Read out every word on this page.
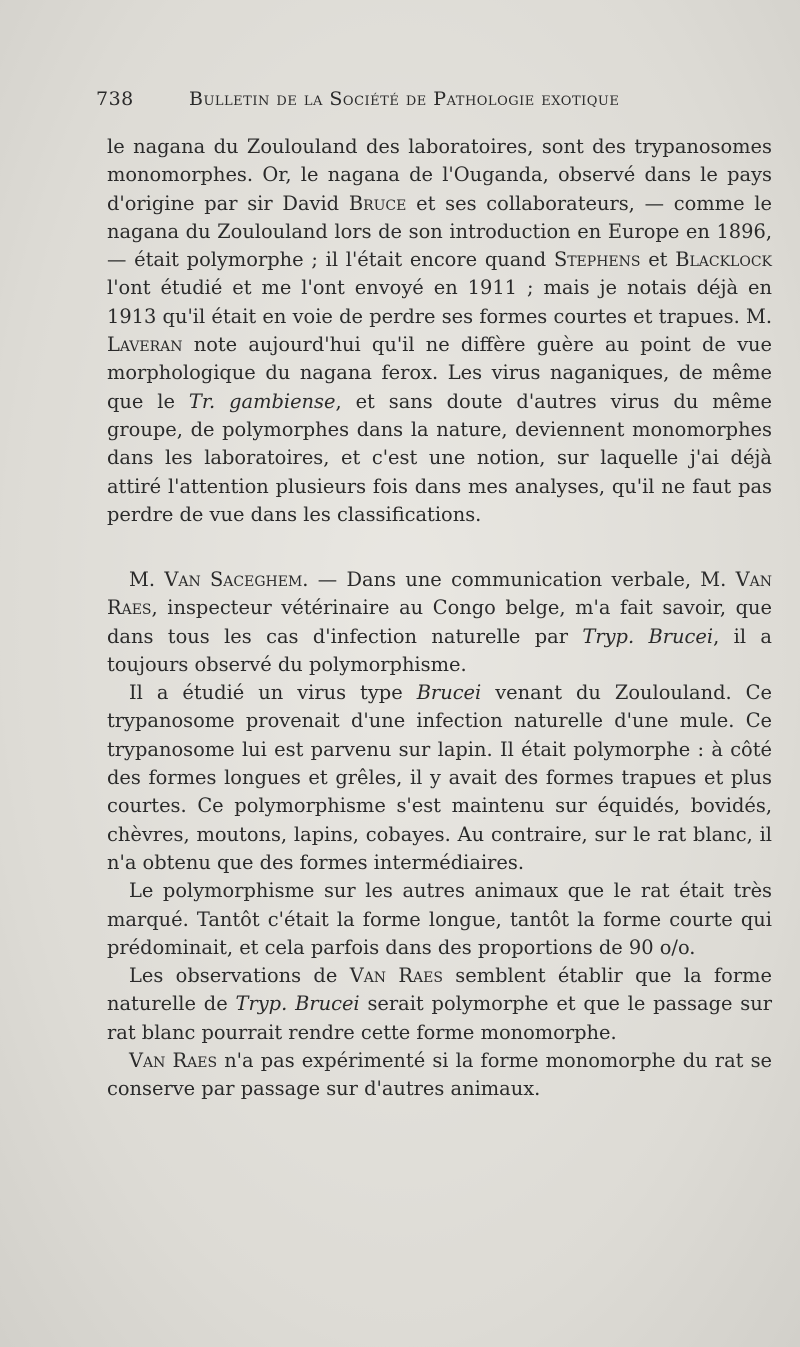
738	Bulletin de la Société de Pathologie exotique

le nagana du Zoulouland des laboratoires, sont des trypanosomes monomorphes. Or, le nagana de l'Ouganda, observé dans le pays d'origine par sir David Bruce et ses collaborateurs, — comme le nagana du Zoulouland lors de son introduction en Europe en 1896, — était polymorphe ; il l'était encore quand Stephens et Blacklock l'ont étudié et me l'ont envoyé en 1911 ; mais je notais déjà en 1913 qu'il était en voie de perdre ses formes courtes et trapues. M. Laveran note aujourd'hui qu'il ne diffère guère au point de vue morphologique du nagana ferox. Les virus naganiques, de même que le Tr. gambiense, et sans doute d'autres virus du même groupe, de polymorphes dans la nature, deviennent monomorphes dans les laboratoires, et c'est une notion, sur laquelle j'ai déjà attiré l'attention plusieurs fois dans mes analyses, qu'il ne faut pas perdre de vue dans les classifications.

M. Van Saceghem. — Dans une communication verbale, M. Van Raes, inspecteur vétérinaire au Congo belge, m'a fait savoir, que dans tous les cas d'infection naturelle par Tryp. Brucei, il a toujours observé du polymorphisme.

Il a étudié un virus type Brucei venant du Zoulouland. Ce trypanosome provenait d'une infection naturelle d'une mule. Ce trypanosome lui est parvenu sur lapin. Il était polymorphe : à côté des formes longues et grêles, il y avait des formes trapues et plus courtes. Ce polymorphisme s'est maintenu sur équidés, bovidés, chèvres, moutons, lapins, cobayes. Au contraire, sur le rat blanc, il n'a obtenu que des formes intermédiaires.

Le polymorphisme sur les autres animaux que le rat était très marqué. Tantôt c'était la forme longue, tantôt la forme courte qui prédominait, et cela parfois dans des proportions de 90 o/o.

Les observations de Van Raes semblent établir que la forme naturelle de Tryp. Brucei serait polymorphe et que le passage sur rat blanc pourrait rendre cette forme monomorphe.

Van Raes n'a pas expérimenté si la forme monomorphe du rat se conserve par passage sur d'autres animaux.
